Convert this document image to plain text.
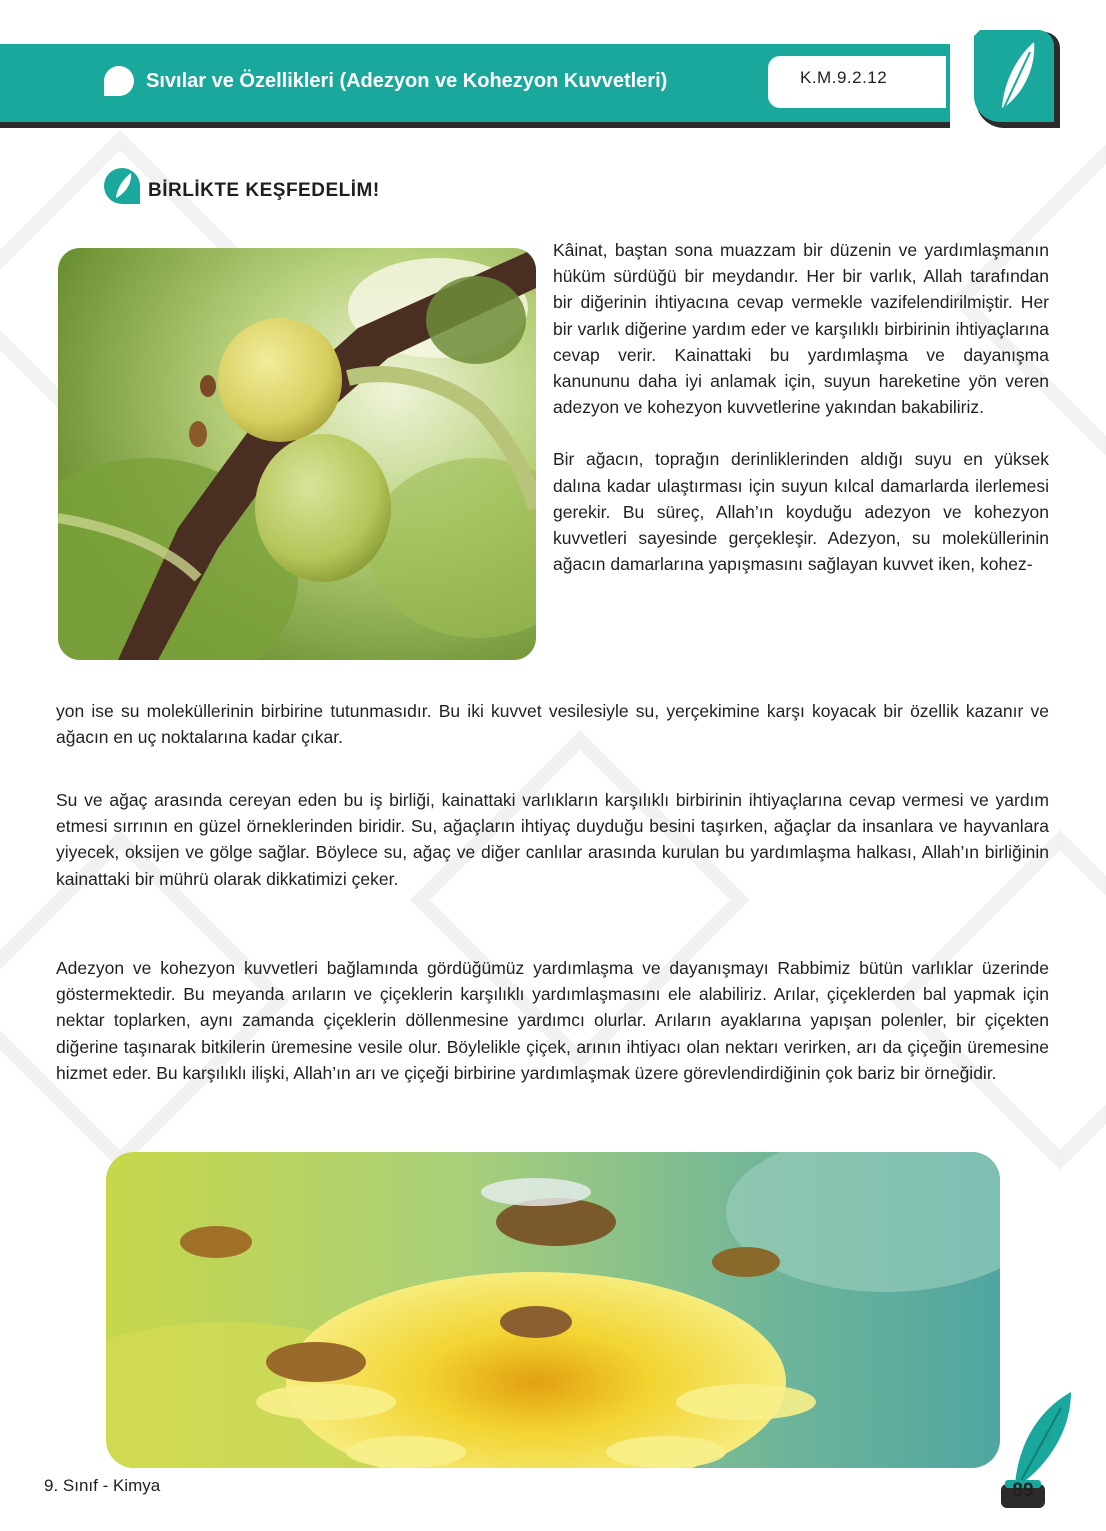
Sıvılar ve Özellikleri (Adezyon ve Kohezyon Kuvvetleri)	K.M.9.2.12
BİRLİKTE KEŞFEDELİM!

Kâinat, baştan sona muazzam bir düzenin ve yardımlaşmanın hüküm sürdüğü bir meydandır. Her bir varlık, Allah tarafından bir diğerinin ihtiyacına cevap vermekle vazifelendirilmiştir. Her bir varlık diğerine yardım eder ve karşılıklı birbirinin ihtiyaçlarına cevap verir. Kainattaki bu yardımlaşma ve dayanışma kanununu daha iyi anlamak için, suyun hareketine yön veren adezyon ve kohezyon kuvvetlerine yakından bakabiliriz.

Bir ağacın, toprağın derinliklerinden aldığı suyu en yüksek dalına kadar ulaştırması için suyun kılcal damarlarda ilerlemesi gerekir. Bu süreç, Allah’ın koyduğu adezyon ve kohezyon kuvvetleri sayesinde gerçekleşir. Adezyon, su moleküllerinin ağacın damarlarına yapışmasını sağlayan kuvvet iken, kohez-

yon ise su moleküllerinin birbirine tutunmasıdır. Bu iki kuvvet vesilesiyle su, yerçekimine karşı koyacak bir özellik kazanır ve ağacın en uç noktalarına kadar çıkar.
Su ve ağaç arasında cereyan eden bu iş birliği, kainattaki varlıkların karşılıklı birbirinin ihtiyaçlarına cevap vermesi ve yardım etmesi sırrının en güzel örneklerinden biridir. Su, ağaçların ihtiyaç duyduğu besini taşırken, ağaçlar da insanlara ve hayvanlara yiyecek, oksijen ve gölge sağlar. Böylece su, ağaç ve diğer canlılar arasında kurulan bu yardımlaşma halkası, Allah’ın birliğinin kainattaki bir mührü olarak dikkatimizi çeker.
Adezyon ve kohezyon kuvvetleri bağlamında gördüğümüz yardımlaşma ve dayanışmayı Rabbimiz bütün varlıklar üzerinde göstermektedir. Bu meyanda arıların ve çiçeklerin karşılıklı yardımlaşmasını ele alabiliriz. Arılar, çiçeklerden bal yapmak için nektar toplarken, aynı zamanda çiçeklerin döllenmesine yardımcı olurlar. Arıların ayaklarına yapışan polenler, bir çiçekten diğerine taşınarak bitkilerin üremesine vesile olur. Böylelikle çiçek, arının ihtiyacı olan nektarı verirken, arı da çiçeğin üremesine hizmet eder. Bu karşılıklı ilişki, Allah’ın arı ve çiçeği birbirine yardımlaşmak üzere görevlendirdiğinin çok bariz bir örneğidir.
9. Sınıf - Kimya	89
